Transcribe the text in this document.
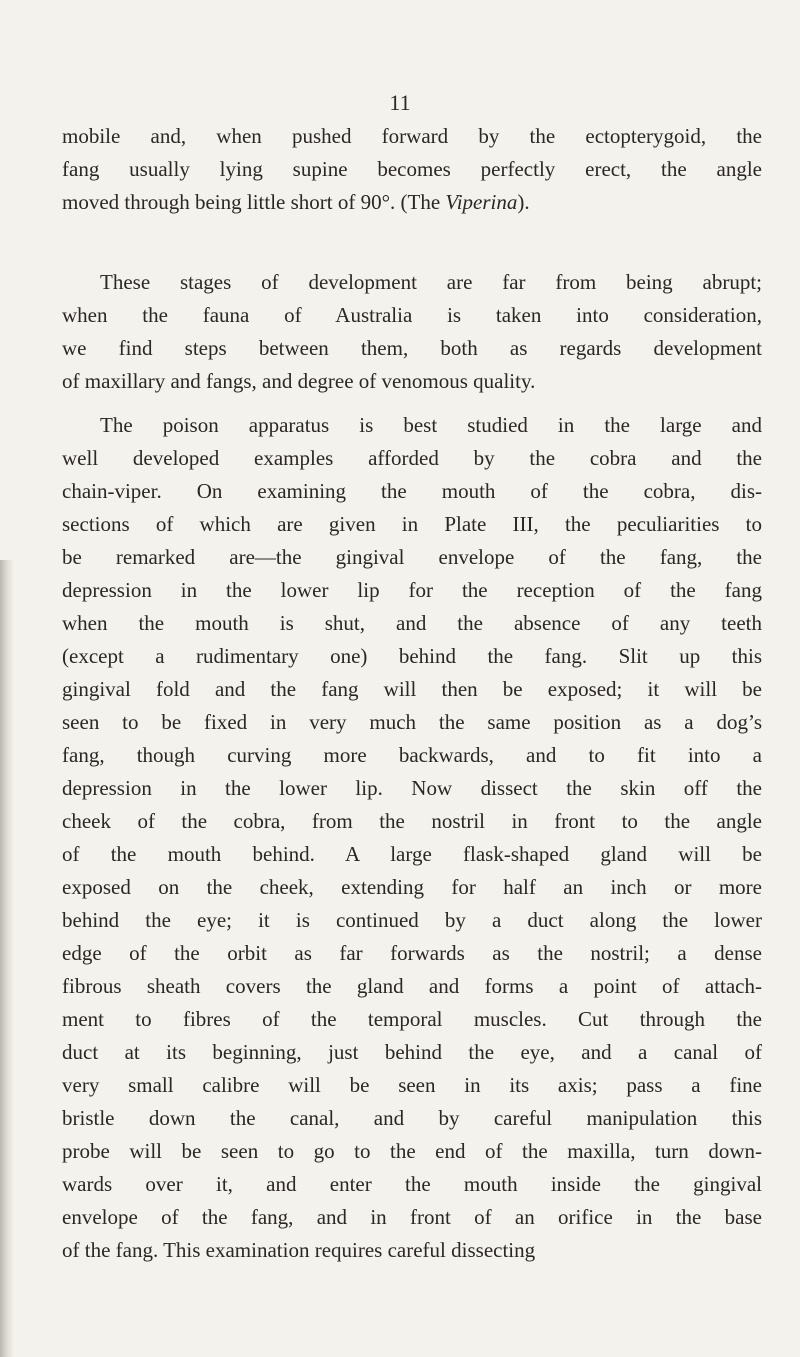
11
mobile and, when pushed forward by the ectopterygoid, the
fang usually lying supine becomes perfectly erect, the angle
moved through being little short of 90°. (The Viperina).
These stages of development are far from being abrupt;
when the fauna of Australia is taken into consideration,
we find steps between them, both as regards development
of maxillary and fangs, and degree of venomous quality.
The poison apparatus is best studied in the large and
well developed examples afforded by the cobra and the
chain-viper. On examining the mouth of the cobra, dis-
sections of which are given in Plate III, the peculiarities to
be remarked are—the gingival envelope of the fang, the
depression in the lower lip for the reception of the fang
when the mouth is shut, and the absence of any teeth
(except a rudimentary one) behind the fang. Slit up this
gingival fold and the fang will then be exposed; it will be
seen to be fixed in very much the same position as a dog’s
fang, though curving more backwards, and to fit into a
depression in the lower lip. Now dissect the skin off the
cheek of the cobra, from the nostril in front to the angle
of the mouth behind. A large flask-shaped gland will be
exposed on the cheek, extending for half an inch or more
behind the eye; it is continued by a duct along the lower
edge of the orbit as far forwards as the nostril; a dense
fibrous sheath covers the gland and forms a point of attach-
ment to fibres of the temporal muscles. Cut through the
duct at its beginning, just behind the eye, and a canal of
very small calibre will be seen in its axis; pass a fine
bristle down the canal, and by careful manipulation this
probe will be seen to go to the end of the maxilla, turn down-
wards over it, and enter the mouth inside the gingival
envelope of the fang, and in front of an orifice in the base
of the fang. This examination requires careful dissecting
